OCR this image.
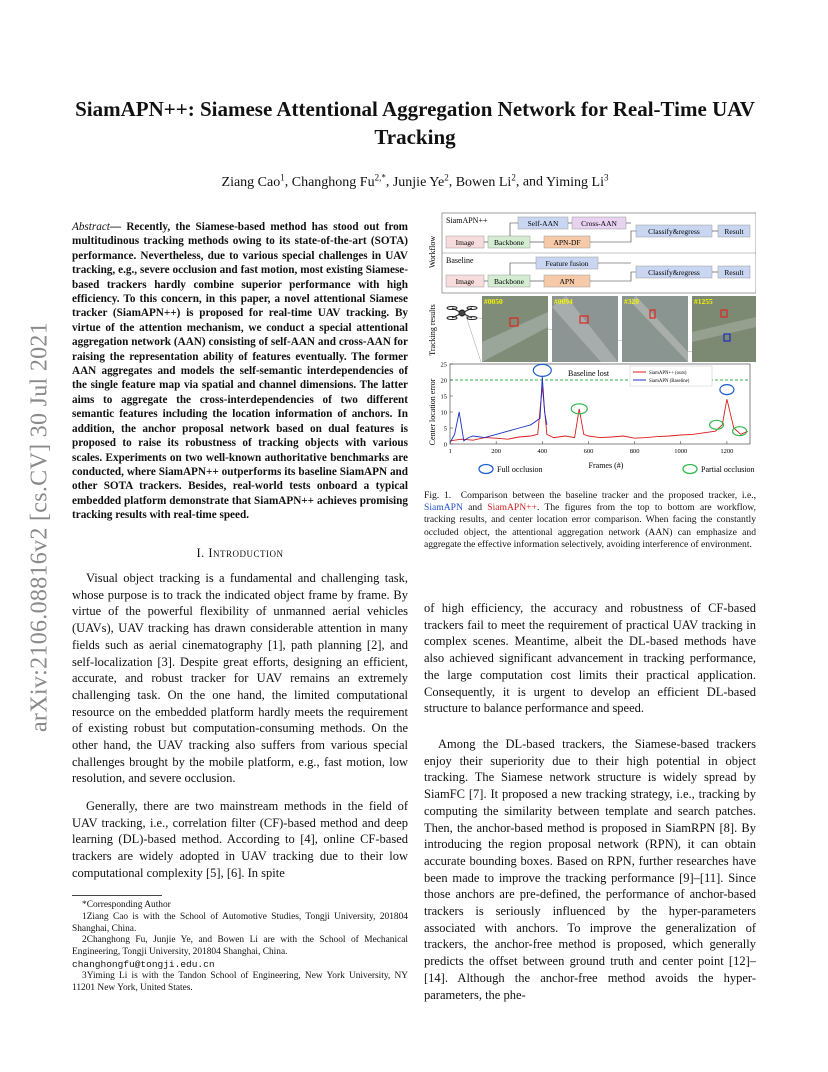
arXiv:2106.08816v2 [cs.CV] 30 Jul 2021
SiamAPN++: Siamese Attentional Aggregation Network for Real-Time UAV Tracking
Ziang Cao$^1$, Changhong $Fu^{2,*}$, Junjie Ye$^2$, Bowen Li$^2$, and Yiming Li$^3$
Abstract— Recently, the Siamese-based method has stood out from multitudinous tracking methods owing to its state-of-the-art (SOTA) performance. Nevertheless, due to various special challenges in UAV tracking, e.g., severe occlusion and fast motion, most existing Siamese-based trackers hardly combine superior performance with high efficiency. To this concern, in this paper, a novel attentional Siamese tracker (SiamAPN++) is proposed for real-time UAV tracking. By virtue of the attention mechanism, we conduct a special attentional aggregation network (AAN) consisting of self-AAN and cross-AAN for raising the representation ability of features eventually. The former AAN aggregates and models the self-semantic interdependencies of the single feature map via spatial and channel dimensions. The latter aims to aggregate the cross-interdependencies of two different semantic features including the location information of anchors. In addition, the anchor proposal network based on dual features is proposed to raise its robustness of tracking objects with various scales. Experiments on two well-known authoritative benchmarks are conducted, where SiamAPN++ outperforms its baseline SiamAPN and other SOTA trackers. Besides, real-world tests onboard a typical embedded platform demonstrate that SiamAPN++ achieves promising tracking results with real-time speed.
I. Introduction

Visual object tracking is a fundamental and challenging task, whose purpose is to track the indicated object frame by frame. By virtue of the powerful flexibility of unmanned aerial vehicles (UAVs), UAV tracking has drawn considerable attention in many fields such as aerial cinematography [1], path planning [2], and self-localization [3]. Despite great efforts, designing an efficient, accurate, and robust tracker for UAV remains an extremely challenging task. On the one hand, the limited computational resource on the embedded platform hardly meets the requirement of existing robust but computation-consuming methods. On the other hand, the UAV tracking also suffers from various special challenges brought by the mobile platform, e.g., fast motion, low resolution, and severe occlusion.

Generally, there are two mainstream methods in the field of UAV tracking, i.e., correlation filter (CF)-based method and deep learning (DL)-based method. According to [4], online CF-based trackers are widely adopted in UAV tracking due to their low computational complexity [5], [6]. In spite

*Corresponding Author

1Ziang Cao is with the School of Automotive Studies, Tongji University, 201804 Shanghai, China.

2Changhong Fu, Junjie Ye, and Bowen Li are with the School of Mechanical Engineering, Tongji University, 201804 Shanghai, China.

changhongfu@tongji.edu.cn

3Yiming Li is with the Tandon School of Engineering, New York University, NY 11201 New York, United States.

Workflow
Tracking results
Center location error
SiamAPN++
Baseline
Image	Backbone
Self-AAN	Cross-AAN
APN-DF
Classify&regress	Result
Image	Backbone
Feature fusion
APN
Classify&regress	Result
#0050	#0094	#320	#1255
0
5
10
15
20
25
1	200	400	600	800	1000	1200
Baseline lost	SiamAPN++ (ours)
SiamAPN (Baseline)
Full occlusion	Partial occlusion
Frames (#)
Fig. 1. Comparison between the baseline tracker and the proposed tracker, i.e., SiamAPN and SiamAPN++. The figures from the top to bottom are workflow, tracking results, and center location error comparison. When facing the constantly occluded object, the attentional aggregation network (AAN) can emphasize and aggregate the effective information selectively, avoiding interference of environment.

of high efficiency, the accuracy and robustness of CF-based trackers fail to meet the requirement of practical UAV tracking in complex scenes. Meantime, albeit the DL-based methods have also achieved significant advancement in tracking performance, the large computation cost limits their practical application. Consequently, it is urgent to develop an efficient DL-based structure to balance performance and speed.

Among the DL-based trackers, the Siamese-based trackers enjoy their superiority due to their high potential in object tracking. The Siamese network structure is widely spread by SiamFC [7]. It proposed a new tracking strategy, i.e., tracking by computing the similarity between template and search patches. Then, the anchor-based method is proposed in SiamRPN [8]. By introducing the region proposal network (RPN), it can obtain accurate bounding boxes. Based on RPN, further researches have been made to improve the tracking performance [9]–[11]. Since those anchors are pre-defined, the performance of anchor-based trackers is seriously influenced by the hyper-parameters associated with anchors. To improve the generalization of trackers, the anchor-free method is proposed, which generally predicts the offset between ground truth and center point [12]–[14]. Although the anchor-free method avoids the hyper-parameters, the phe-
